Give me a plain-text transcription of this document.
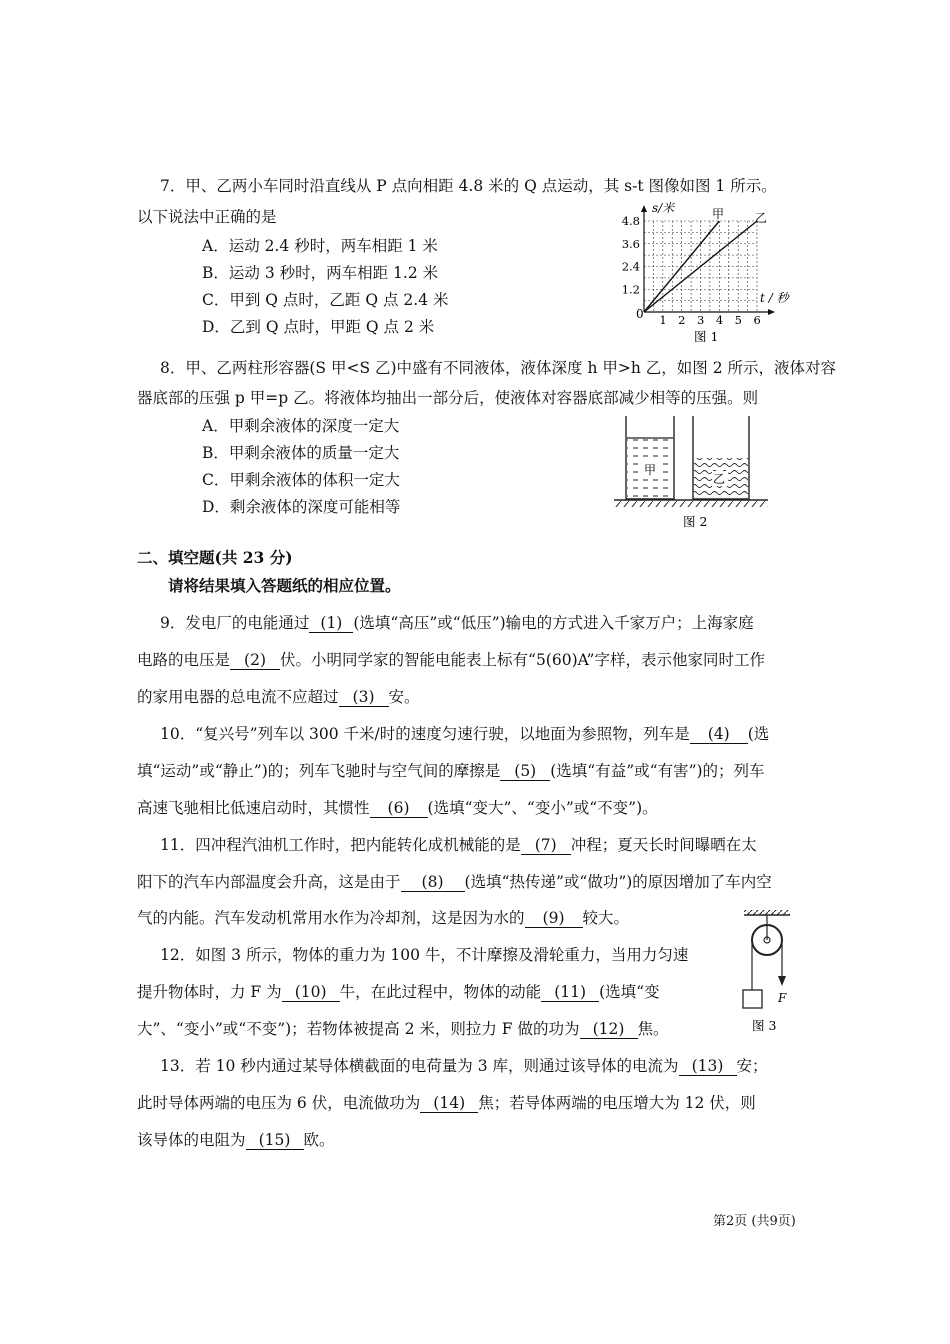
7．甲、乙两小车同时沿直线从 P 点向相距 4.8 米的 Q 点运动，其 s-t 图像如图 1 所示。
以下说法中正确的是
A．运动 2.4 秒时，两车相距 1 米
B．运动 3 秒时，两车相距 1.2 米
C．甲到 Q 点时，乙距 Q 点 2.4 米
D．乙到 Q 点时，甲距 Q 点 2 米	1 2 3 4 5 6
1.2
2.4
3.6
4.8
s/米
t / 秒
0
甲	乙
图 1
8．甲、乙两柱形容器(S 甲<S 乙)中盛有不同液体，液体深度 h 甲>h 乙，如图 2 所示，液体对容
器底部的压强 p 甲=p 乙。将液体均抽出一部分后，使液体对容器底部减少相等的压强。则
A．甲剩余液体的深度一定大
B．甲剩余液体的质量一定大
C．甲剩余液体的体积一定大
D．剩余液体的深度可能相等
甲
乙
图 2
二、填空题(共 23 分)
请将结果填入答题纸的相应位置。
9．发电厂的电能通过 (1) (选填“高压”或“低压”)输电的方式进入千家万户；上海家庭
电路的电压是 (2) 伏。小明同学家的智能电能表上标有“5(60)A”字样，表示他家同时工作
的家用电器的总电流不应超过 (3) 安。
10．“复兴号”列车以 300 千米/时的速度匀速行驶，以地面为参照物，列车是 (4) (选
填“运动”或“静止”)的；列车飞驰时与空气间的摩擦是 (5) (选填“有益”或“有害”)的；列车
高速飞驰相比低速启动时，其惯性 (6) (选填“变大”、“变小”或“不变”)。
11．四冲程汽油机工作时，把内能转化成机械能的是 (7) 冲程；夏天长时间曝晒在太
阳下的汽车内部温度会升高，这是由于 (8) (选填“热传递”或“做功”)的原因增加了车内空
气的内能。汽车发动机常用水作为冷却剂，这是因为水的 (9) 较大。
F
图 3
12．如图 3 所示，物体的重力为 100 牛，不计摩擦及滑轮重力，当用力匀速
提升物体时，力 F 为 (10) 牛，在此过程中，物体的动能 (11) (选填“变
大”、“变小”或“不变”)；若物体被提高 2 米，则拉力 F 做的功为 (12) 焦。
13．若 10 秒内通过某导体横截面的电荷量为 3 库，则通过该导体的电流为 (13) 安；
此时导体两端的电压为 6 伏，电流做功为 (14) 焦；若导体两端的电压增大为 12 伏，则
该导体的电阻为 (15) 欧。
第2页 (共9页)
